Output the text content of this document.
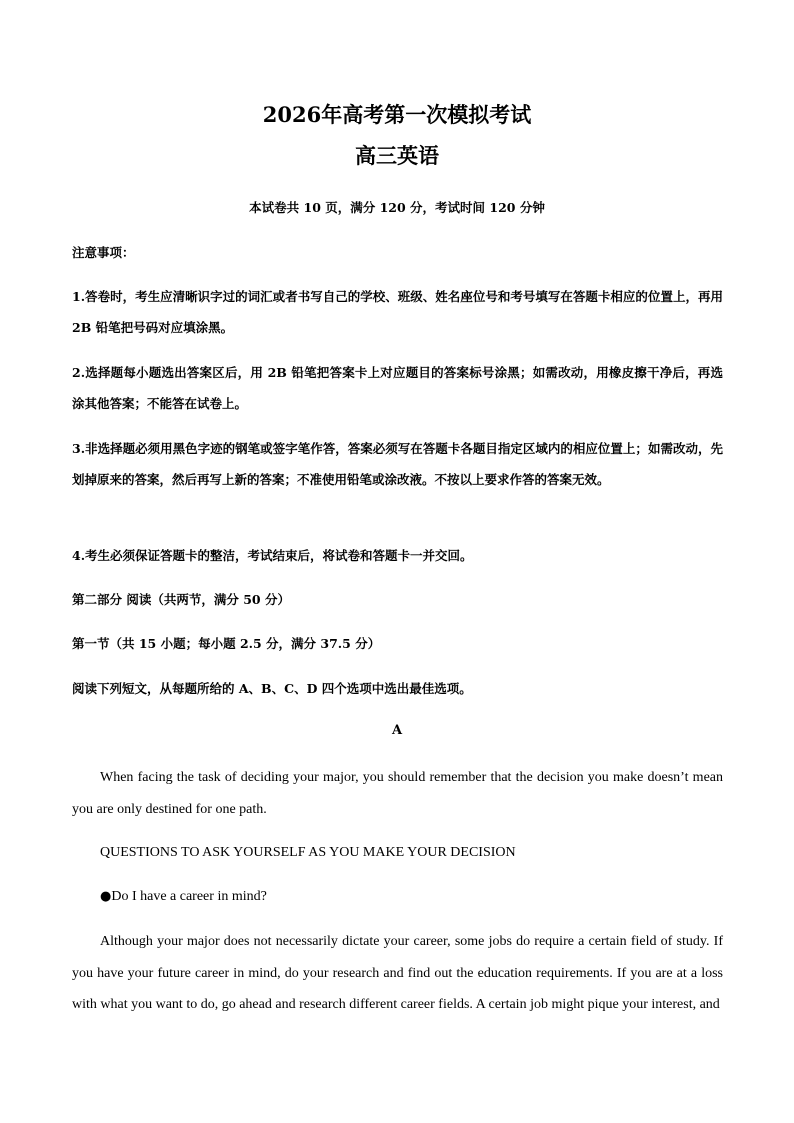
2026年高考第一次模拟考试
高三英语

本试卷共 10 页，满分 120 分，考试时间 120 分钟

注意事项：

1.答卷时，考生应清晰识字过的词汇或者书写自己的学校、班级、姓名座位号和考号填写在答题卡相应的位置上，再用 2B 铅笔把号码对应填涂黑。

2.选择题每小题选出答案区后，用 2B 铅笔把答案卡上对应题目的答案标号涂黑；如需改动，用橡皮擦干净后，再选涂其他答案；不能答在试卷上。

3.非选择题必须用黑色字迹的钢笔或签字笔作答，答案必须写在答题卡各题目指定区域内的相应位置上；如需改动，先划掉原来的答案，然后再写上新的答案；不准使用铅笔或涂改液。不按以上要求作答的答案无效。

4.考生必须保证答题卡的整洁，考试结束后，将试卷和答题卡一并交回。

第二部分 阅读（共两节，满分 50 分）

第一节（共 15 小题；每小题 2.5 分，满分 37.5 分）

阅读下列短文，从每题所给的 A、B、C、D 四个选项中选出最佳选项。

A

When facing the task of deciding your major, you should remember that the decision you make doesn’t mean you are only destined for one path.

QUESTIONS TO ASK YOURSELF AS YOU MAKE YOUR DECISION

●Do I have a career in mind?

Although your major does not necessarily dictate your career, some jobs do require a certain field of study. If you have your future career in mind, do your research and find out the education requirements. If you are at a loss with what you want to do, go ahead and research different career fields. A certain job might pique your interest, and
